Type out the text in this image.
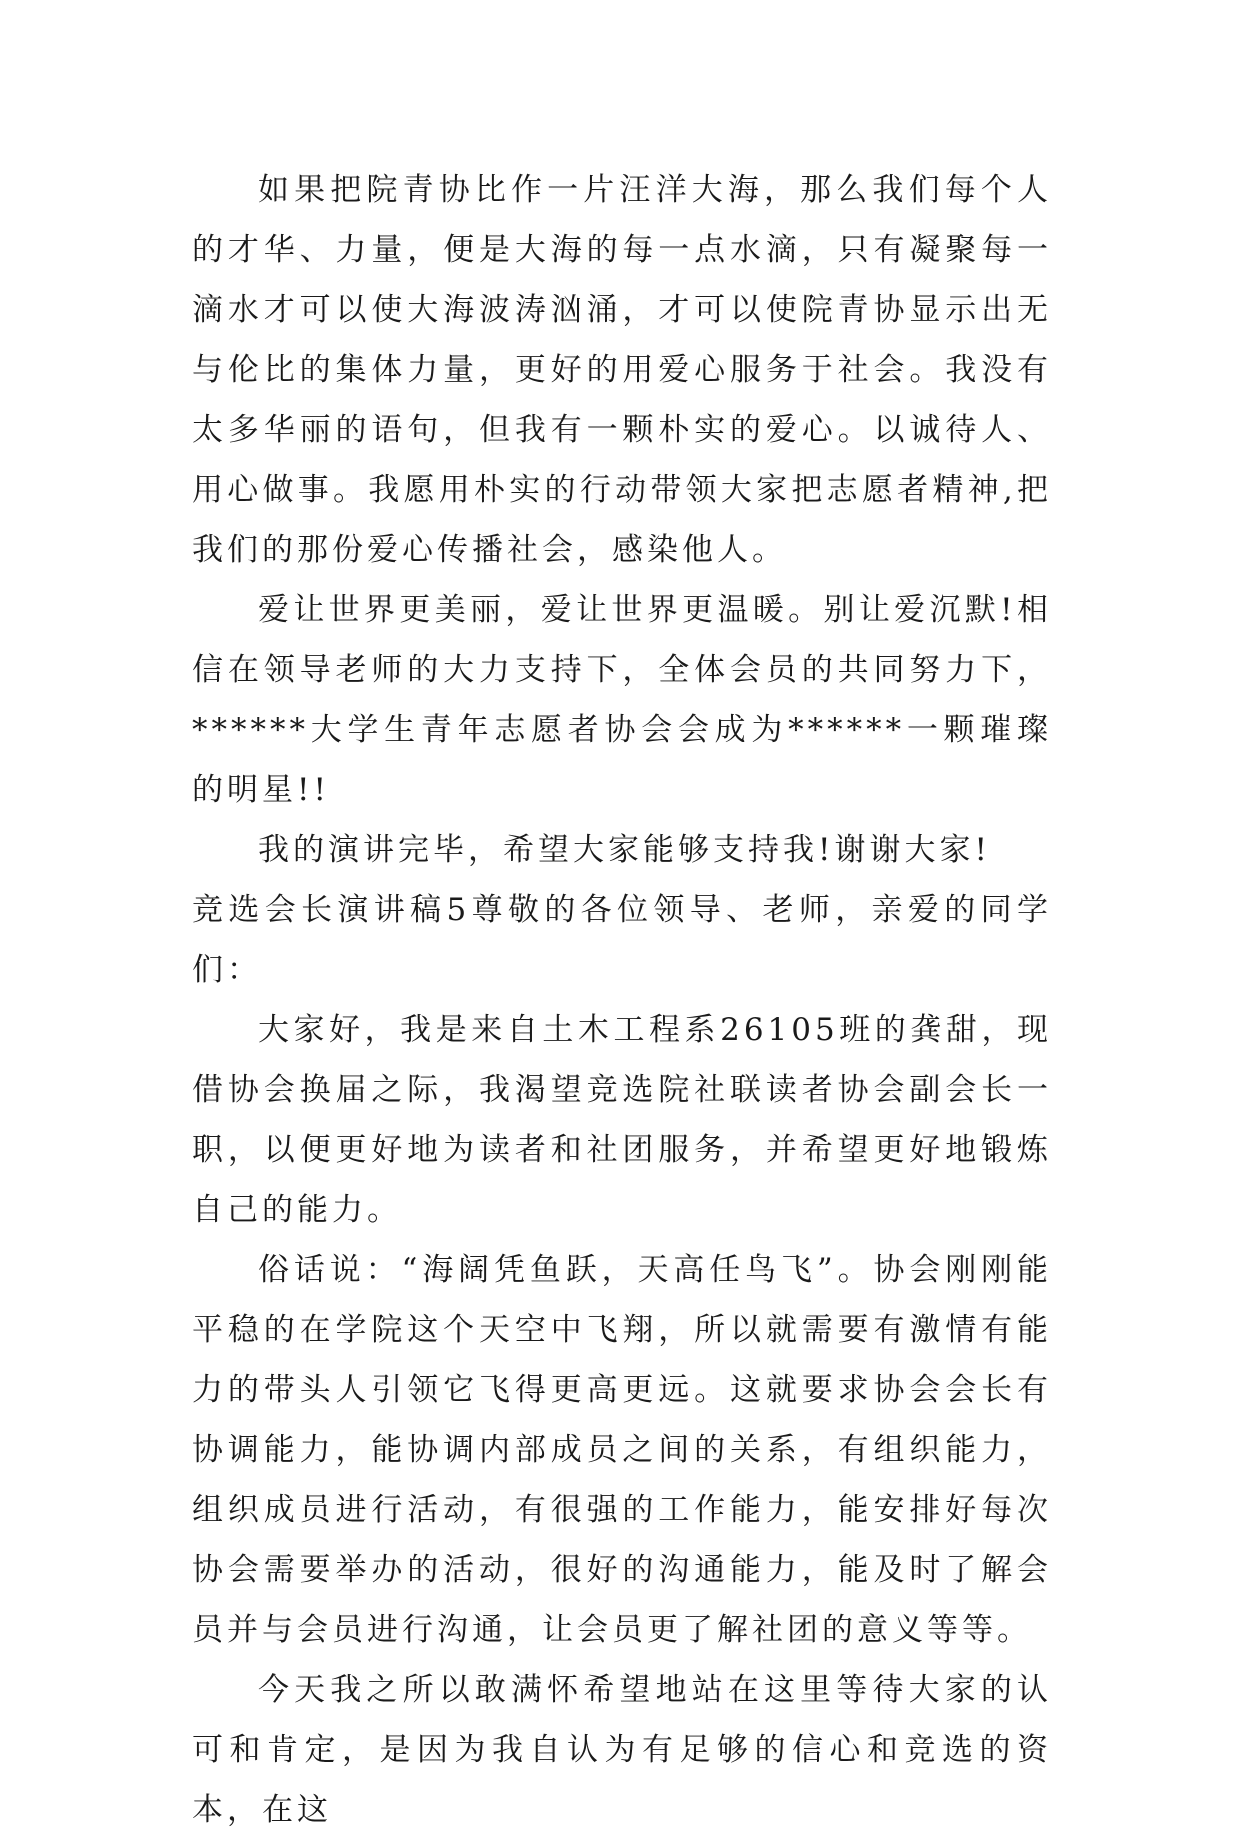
如果把院青协比作一片汪洋大海，那么我们每个人的才华、力量，便是大海的每一点水滴，只有凝聚每一滴水才可以使大海波涛汹涌，才可以使院青协显示出无与伦比的集体力量，更好的用爱心服务于社会。我没有太多华丽的语句，但我有一颗朴实的爱心。以诚待人、用心做事。我愿用朴实的行动带领大家把志愿者精神,把我们的那份爱心传播社会，感染他人。

爱让世界更美丽，爱让世界更温暖。别让爱沉默!相信在领导老师的大力支持下，全体会员的共同努力下，******大学生青年志愿者协会会成为******一颗璀璨的明星!!

我的演讲完毕，希望大家能够支持我!谢谢大家!

竞选会长演讲稿5尊敬的各位领导、老师，亲爱的同学们：

大家好，我是来自土木工程系26105班的龚甜，现借协会换届之际，我渴望竞选院社联读者协会副会长一职，以便更好地为读者和社团服务，并希望更好地锻炼自己的能力。

俗话说：“海阔凭鱼跃，天高任鸟飞”。协会刚刚能平稳的在学院这个天空中飞翔，所以就需要有激情有能力的带头人引领它飞得更高更远。这就要求协会会长有协调能力，能协调内部成员之间的关系，有组织能力，组织成员进行活动，有很强的工作能力，能安排好每次协会需要举办的活动，很好的沟通能力，能及时了解会员并与会员进行沟通，让会员更了解社团的意义等等。

今天我之所以敢满怀希望地站在这里等待大家的认可和肯定，是因为我自认为有足够的信心和竞选的资本，在这
